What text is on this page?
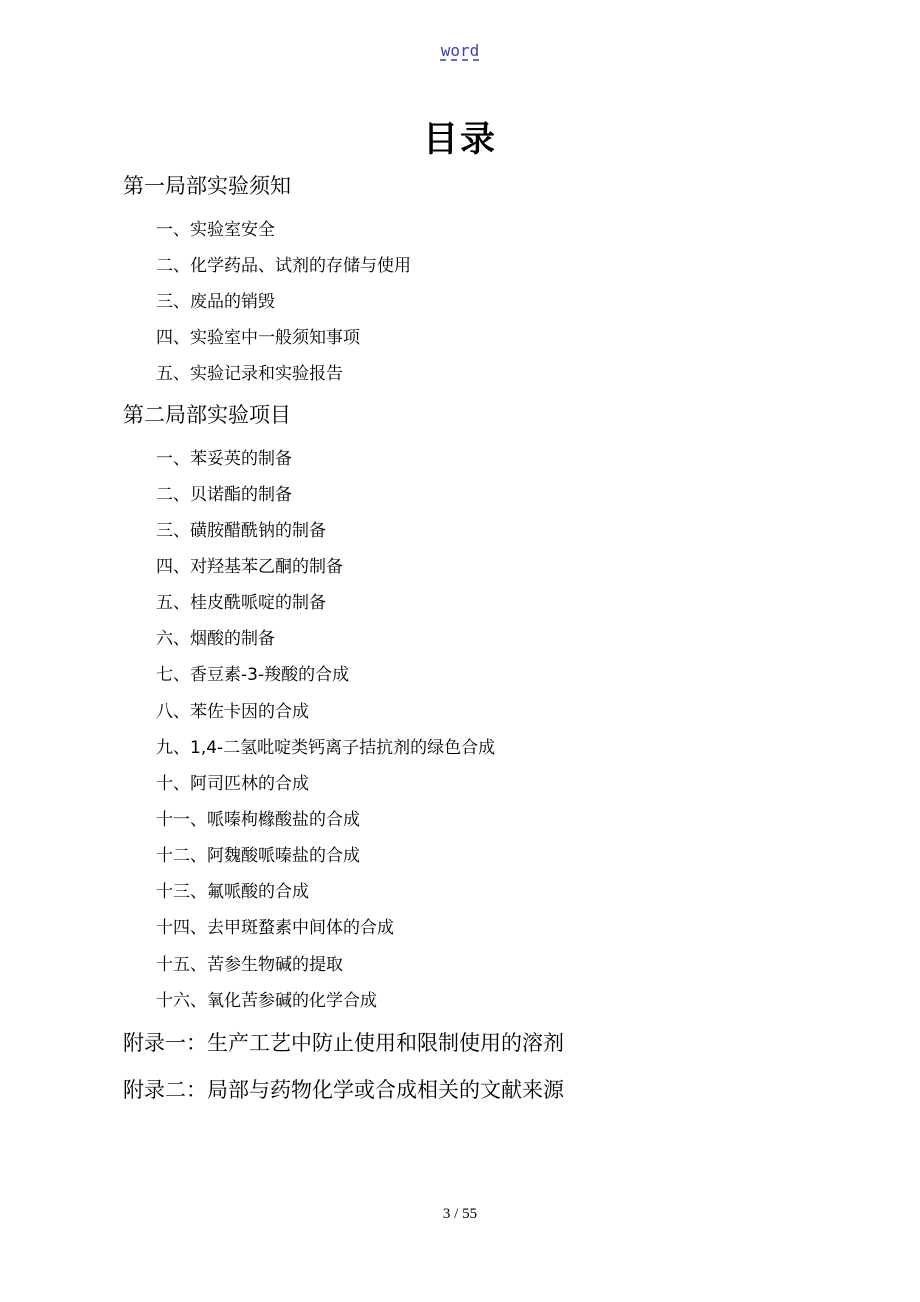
word
目录
第一局部实验须知
一、实验室安全
二、化学药品、试剂的存储与使用
三、废品的销毁
四、实验室中一般须知事项
五、实验记录和实验报告
第二局部实验项目
一、苯妥英的制备
二、贝诺酯的制备
三、磺胺醋酰钠的制备
四、对羟基苯乙酮的制备
五、桂皮酰哌啶的制备
六、烟酸的制备
七、香豆素-3-羧酸的合成
八、苯佐卡因的合成
九、1,4-二氢吡啶类钙离子拮抗剂的绿色合成
十、阿司匹林的合成
十一、哌嗪枸橼酸盐的合成
十二、阿魏酸哌嗪盐的合成
十三、氟哌酸的合成
十四、去甲斑蝥素中间体的合成
十五、苦参生物碱的提取
十六、氧化苦参碱的化学合成
附录一：生产工艺中防止使用和限制使用的溶剂
附录二：局部与药物化学或合成相关的文献来源
3 / 55
